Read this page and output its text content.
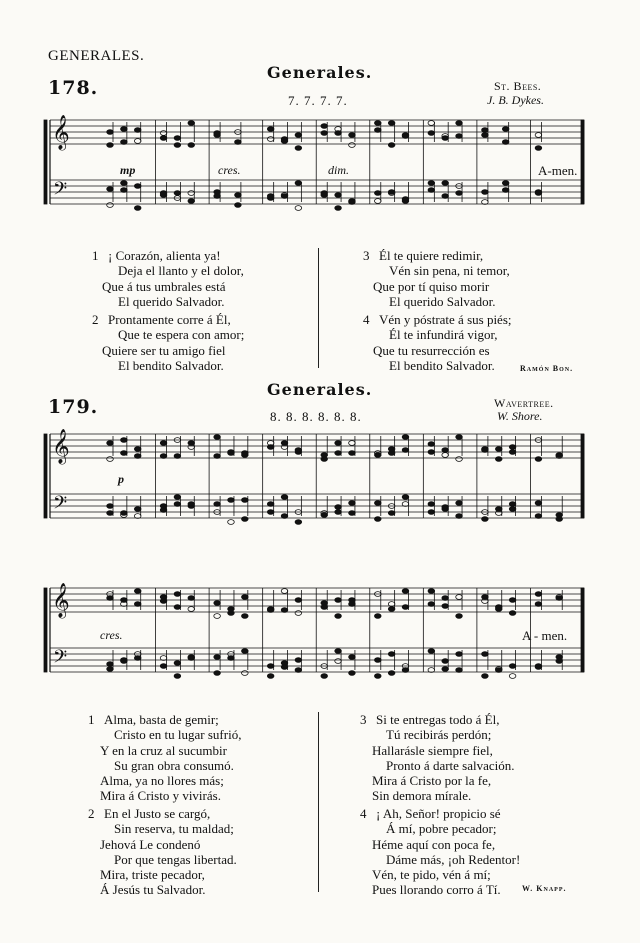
GENERALES.
178.
Generales.
7. 7. 7. 7.
St. Bees.
J. B. Dykes.
𝄞
𝄢
mp	cres.	dim.	A-men.
1 ¡ Corazón, alienta ya!
Deja el llanto y el dolor,
Que á tus umbrales está
El querido Salvador.
2 Prontamente corre á Él,
Que te espera con amor;
Quiere ser tu amigo fiel
El bendito Salvador.
3 Él te quiere redimir,
Vén sin pena, ni temor,
Que por tí quiso morir
El querido Salvador.
4 Vén y póstrate á sus piés;
Él te infundirá vigor,
Que tu resurrección es
El bendito Salvador.	Ramón Bon.
179.
Generales.
8. 8. 8. 8. 8. 8.
Wavertree.
W. Shore.
𝄞
𝄢
𝄞
𝄢
p
cres.	A - men.
1 Alma, basta de gemir;
Cristo en tu lugar sufrió,
Y en la cruz al sucumbir
Su gran obra consumó.
Alma, ya no llores más;
Mira á Cristo y vivirás.
2 En el Justo se cargó,
Sin reserva, tu maldad;
Jehová Le condenó
Por que tengas libertad.
Mira, triste pecador,
Á Jesús tu Salvador.
3 Si te entregas todo á Él,
Tú recibirás perdón;
Hallarásle siempre fiel,
Pronto á darte salvación.
Mira á Cristo por la fe,
Sin demora mírale.
4 ¡ Ah, Señor! propicio sé
Á mí, pobre pecador;
Héme aquí con poca fe,
Dáme más, ¡oh Redentor!
Vén, te pido, vén á mí;
Pues llorando corro á Tí.	W. Knapp.
